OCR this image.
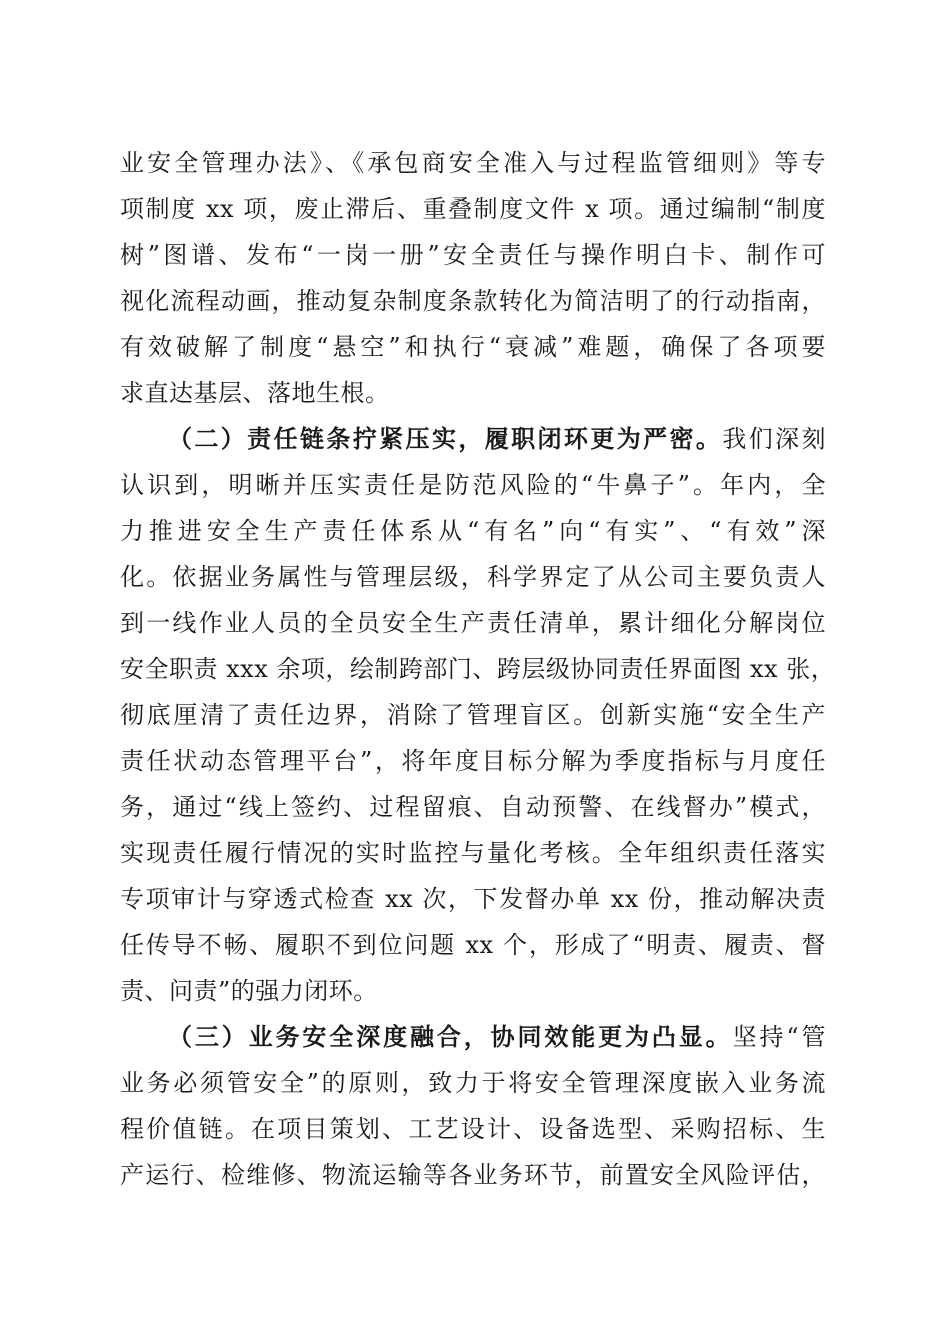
业安全管理办法》、《承包商安全准入与过程监管细则》等专
项制度 xx 项，废止滞后、重叠制度文件 x 项。通过编制“制度
树”图谱、发布“一岗一册”安全责任与操作明白卡、制作可
视化流程动画，推动复杂制度条款转化为简洁明了的行动指南，
有效破解了制度“悬空”和执行“衰减”难题，确保了各项要
求直达基层、落地生根。
（二）责任链条拧紧压实，履职闭环更为严密。我们深刻
认识到，明晰并压实责任是防范风险的“牛鼻子”。年内，全
力推进安全生产责任体系从“有名”向“有实”、“有效”深
化。依据业务属性与管理层级，科学界定了从公司主要负责人
到一线作业人员的全员安全生产责任清单，累计细化分解岗位
安全职责 xxx 余项，绘制跨部门、跨层级协同责任界面图 xx 张，
彻底厘清了责任边界，消除了管理盲区。创新实施“安全生产
责任状动态管理平台”，将年度目标分解为季度指标与月度任
务，通过“线上签约、过程留痕、自动预警、在线督办”模式，
实现责任履行情况的实时监控与量化考核。全年组织责任落实
专项审计与穿透式检查 xx 次，下发督办单 xx 份，推动解决责
任传导不畅、履职不到位问题 xx 个，形成了“明责、履责、督
责、问责”的强力闭环。
（三）业务安全深度融合，协同效能更为凸显。坚持“管
业务必须管安全”的原则，致力于将安全管理深度嵌入业务流
程价值链。在项目策划、工艺设计、设备选型、采购招标、生
产运行、检维修、物流运输等各业务环节，前置安全风险评估，
